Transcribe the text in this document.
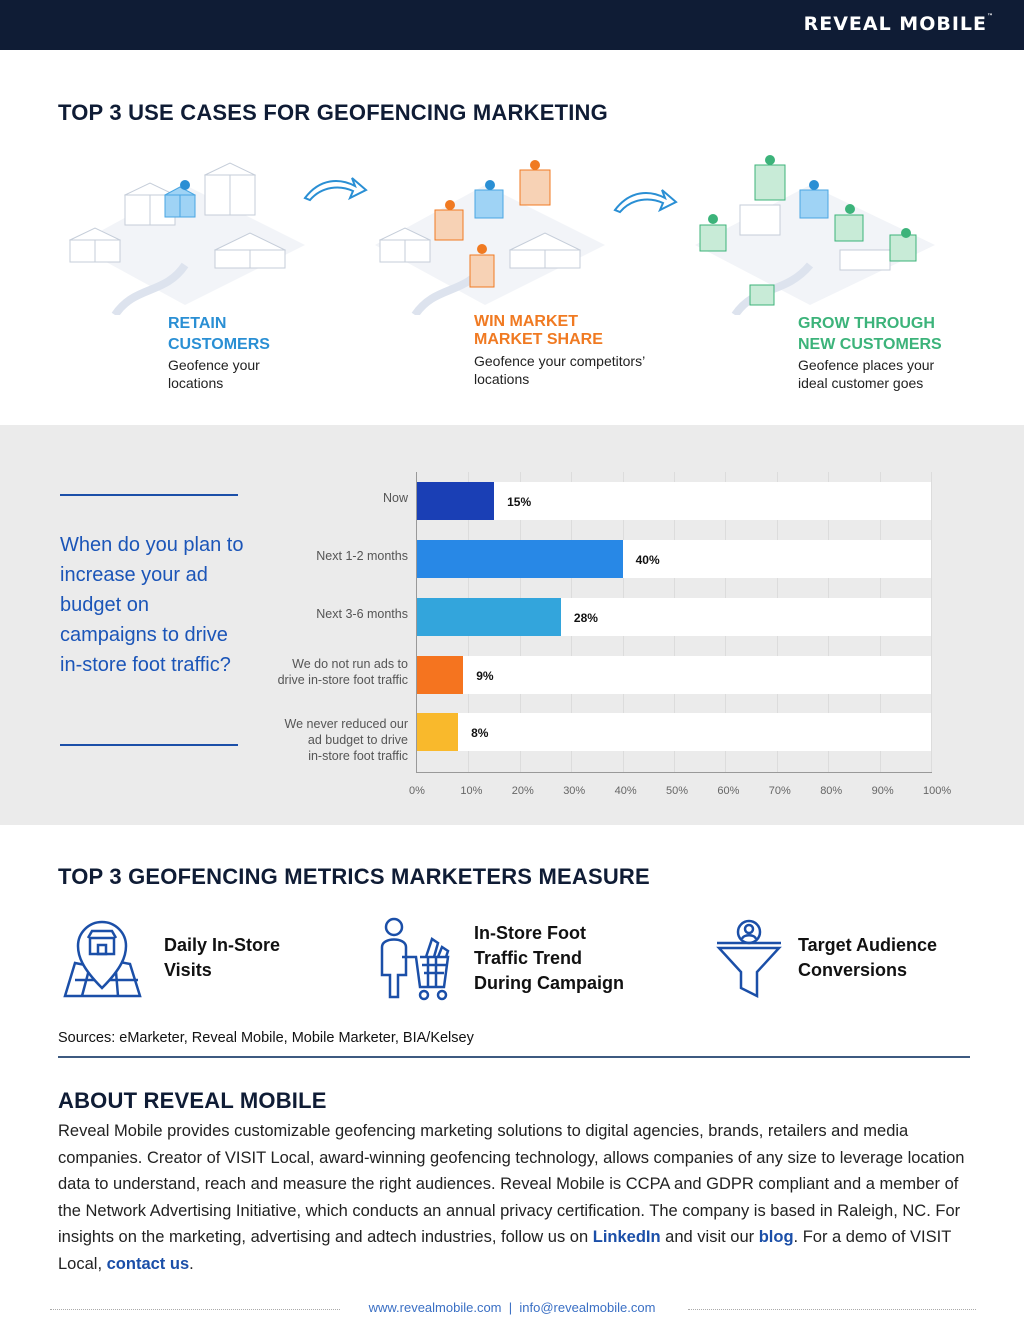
REVEAL MOBILE™
TOP 3 USE CASES FOR GEOFENCING MARKETING
RETAIN
CUSTOMERS
Geofence your
locations
WIN MARKET
MARKET SHARE
Geofence your competitors’
locations
GROW THROUGH
NEW CUSTOMERS
Geofence places your
ideal customer goes
When do you plan to increase your ad budget on campaigns to drive in-store foot traffic?
15%
Now
40%
Next 1-2 months
28%
Next 3-6 months
9%
We do not run ads to
drive in-store foot traffic
8%
We never reduced our
ad budget to drive
in-store foot traffic
0%	10%	20%	30%	40%	50%	60%	70%	80%	90%	100%
TOP 3 GEOFENCING METRICS MARKETERS MEASURE
Daily In-Store
Visits
In-Store Foot
Traffic Trend
During Campaign
Target Audience
Conversions
Sources: eMarketer, Reveal Mobile, Mobile Marketer, BIA/Kelsey
ABOUT REVEAL MOBILE
Reveal Mobile provides customizable geofencing marketing solutions to digital agencies, brands, retailers and media companies. Creator of VISIT Local, award-winning geofencing technology, allows companies of any size to leverage location data to understand, reach and measure the right audiences. Reveal Mobile is CCPA and GDPR compliant and a member of the Network Advertising Initiative, which conducts an annual privacy certification. The company is based in Raleigh, NC. For insights on the marketing, advertising and adtech industries, follow us on LinkedIn and visit our blog. For a demo of VISIT Local, contact us.
www.revealmobile.com | info@revealmobile.com
